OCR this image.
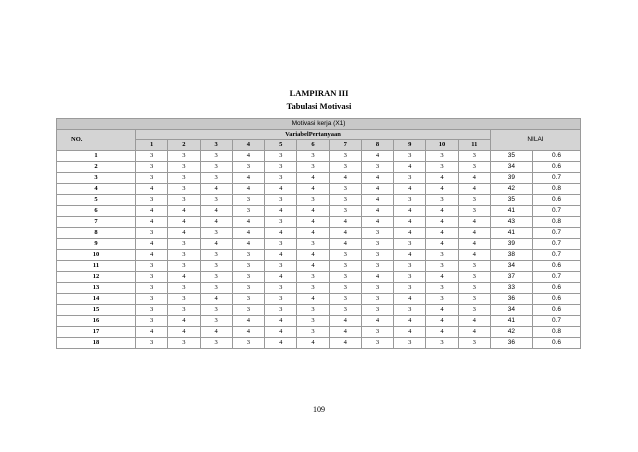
LAMPIRAN III
Tabulasi Motivasi
Motivasi kerja (X1)													
NO.	VariabelPertanyaan											NILAI	
	1	2	3	4	5	6	7	8	9	10	11		
1	3	3	3	4	3	3	3	4	3	3	3	35	0.6
2	3	3	3	3	3	3	3	3	4	3	3	34	0.6
3	3	3	3	4	3	4	4	4	3	4	4	39	0.7
4	4	3	4	4	4	4	3	4	4	4	4	42	0.8
5	3	3	3	3	3	3	3	4	3	3	3	35	0.6
6	4	4	4	3	4	4	3	4	4	4	3	41	0.7
7	4	4	4	4	3	4	4	4	4	4	4	43	0.8
8	3	4	3	4	4	4	4	3	4	4	4	41	0.7
9	4	3	4	4	3	3	4	3	3	4	4	39	0.7
10	4	3	3	3	4	4	3	3	4	3	4	38	0.7
11	3	3	3	3	3	4	3	3	3	3	3	34	0.6
12	3	4	3	3	4	3	3	4	3	4	3	37	0.7
13	3	3	3	3	3	3	3	3	3	3	3	33	0.6
14	3	3	4	3	3	4	3	3	4	3	3	36	0.6
15	3	3	3	3	3	3	3	3	3	4	3	34	0.6
16	3	4	3	4	4	3	4	4	4	4	4	41	0.7
17	4	4	4	4	4	3	4	3	4	4	4	42	0.8
18	3	3	3	3	4	4	4	3	3	3	3	36	0.6
109
